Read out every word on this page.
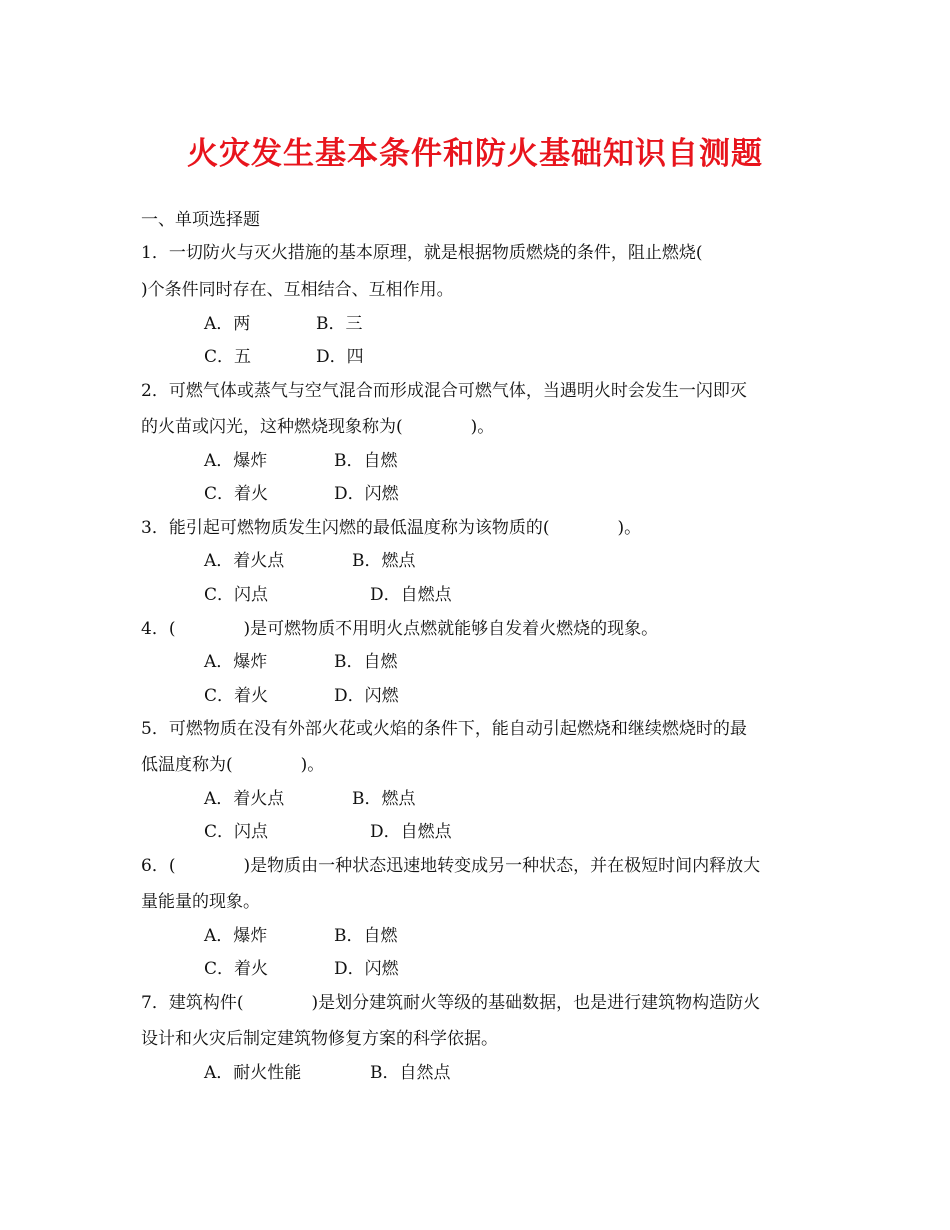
火灾发生基本条件和防火基础知识自测题
一、单项选择题
1．一切防火与灭火措施的基本原理，就是根据物质燃烧的条件，阻止燃烧(
)个条件同时存在、互相结合、互相作用。
A．两	B．三
C．五	D．四
2．可燃气体或蒸气与空气混合而形成混合可燃气体，当遇明火时会发生一闪即灭
的火苗或闪光，这种燃烧现象称为(　　　　)。
A．爆炸	B．自燃
C．着火	D．闪燃
3．能引起可燃物质发生闪燃的最低温度称为该物质的(　　　　)。
A．着火点	B．燃点
C．闪点	D．自燃点
4．(　　　　)是可燃物质不用明火点燃就能够自发着火燃烧的现象。
A．爆炸	B．自燃
C．着火	D．闪燃
5．可燃物质在没有外部火花或火焰的条件下，能自动引起燃烧和继续燃烧时的最
低温度称为(　　　　)。
A．着火点	B．燃点
C．闪点	D．自燃点
6．(　　　　)是物质由一种状态迅速地转变成另一种状态，并在极短时间内释放大
量能量的现象。
A．爆炸	B．自燃
C．着火	D．闪燃
7．建筑构件(　　　　)是划分建筑耐火等级的基础数据，也是进行建筑物构造防火
设计和火灾后制定建筑物修复方案的科学依据。
A．耐火性能	B．自然点
